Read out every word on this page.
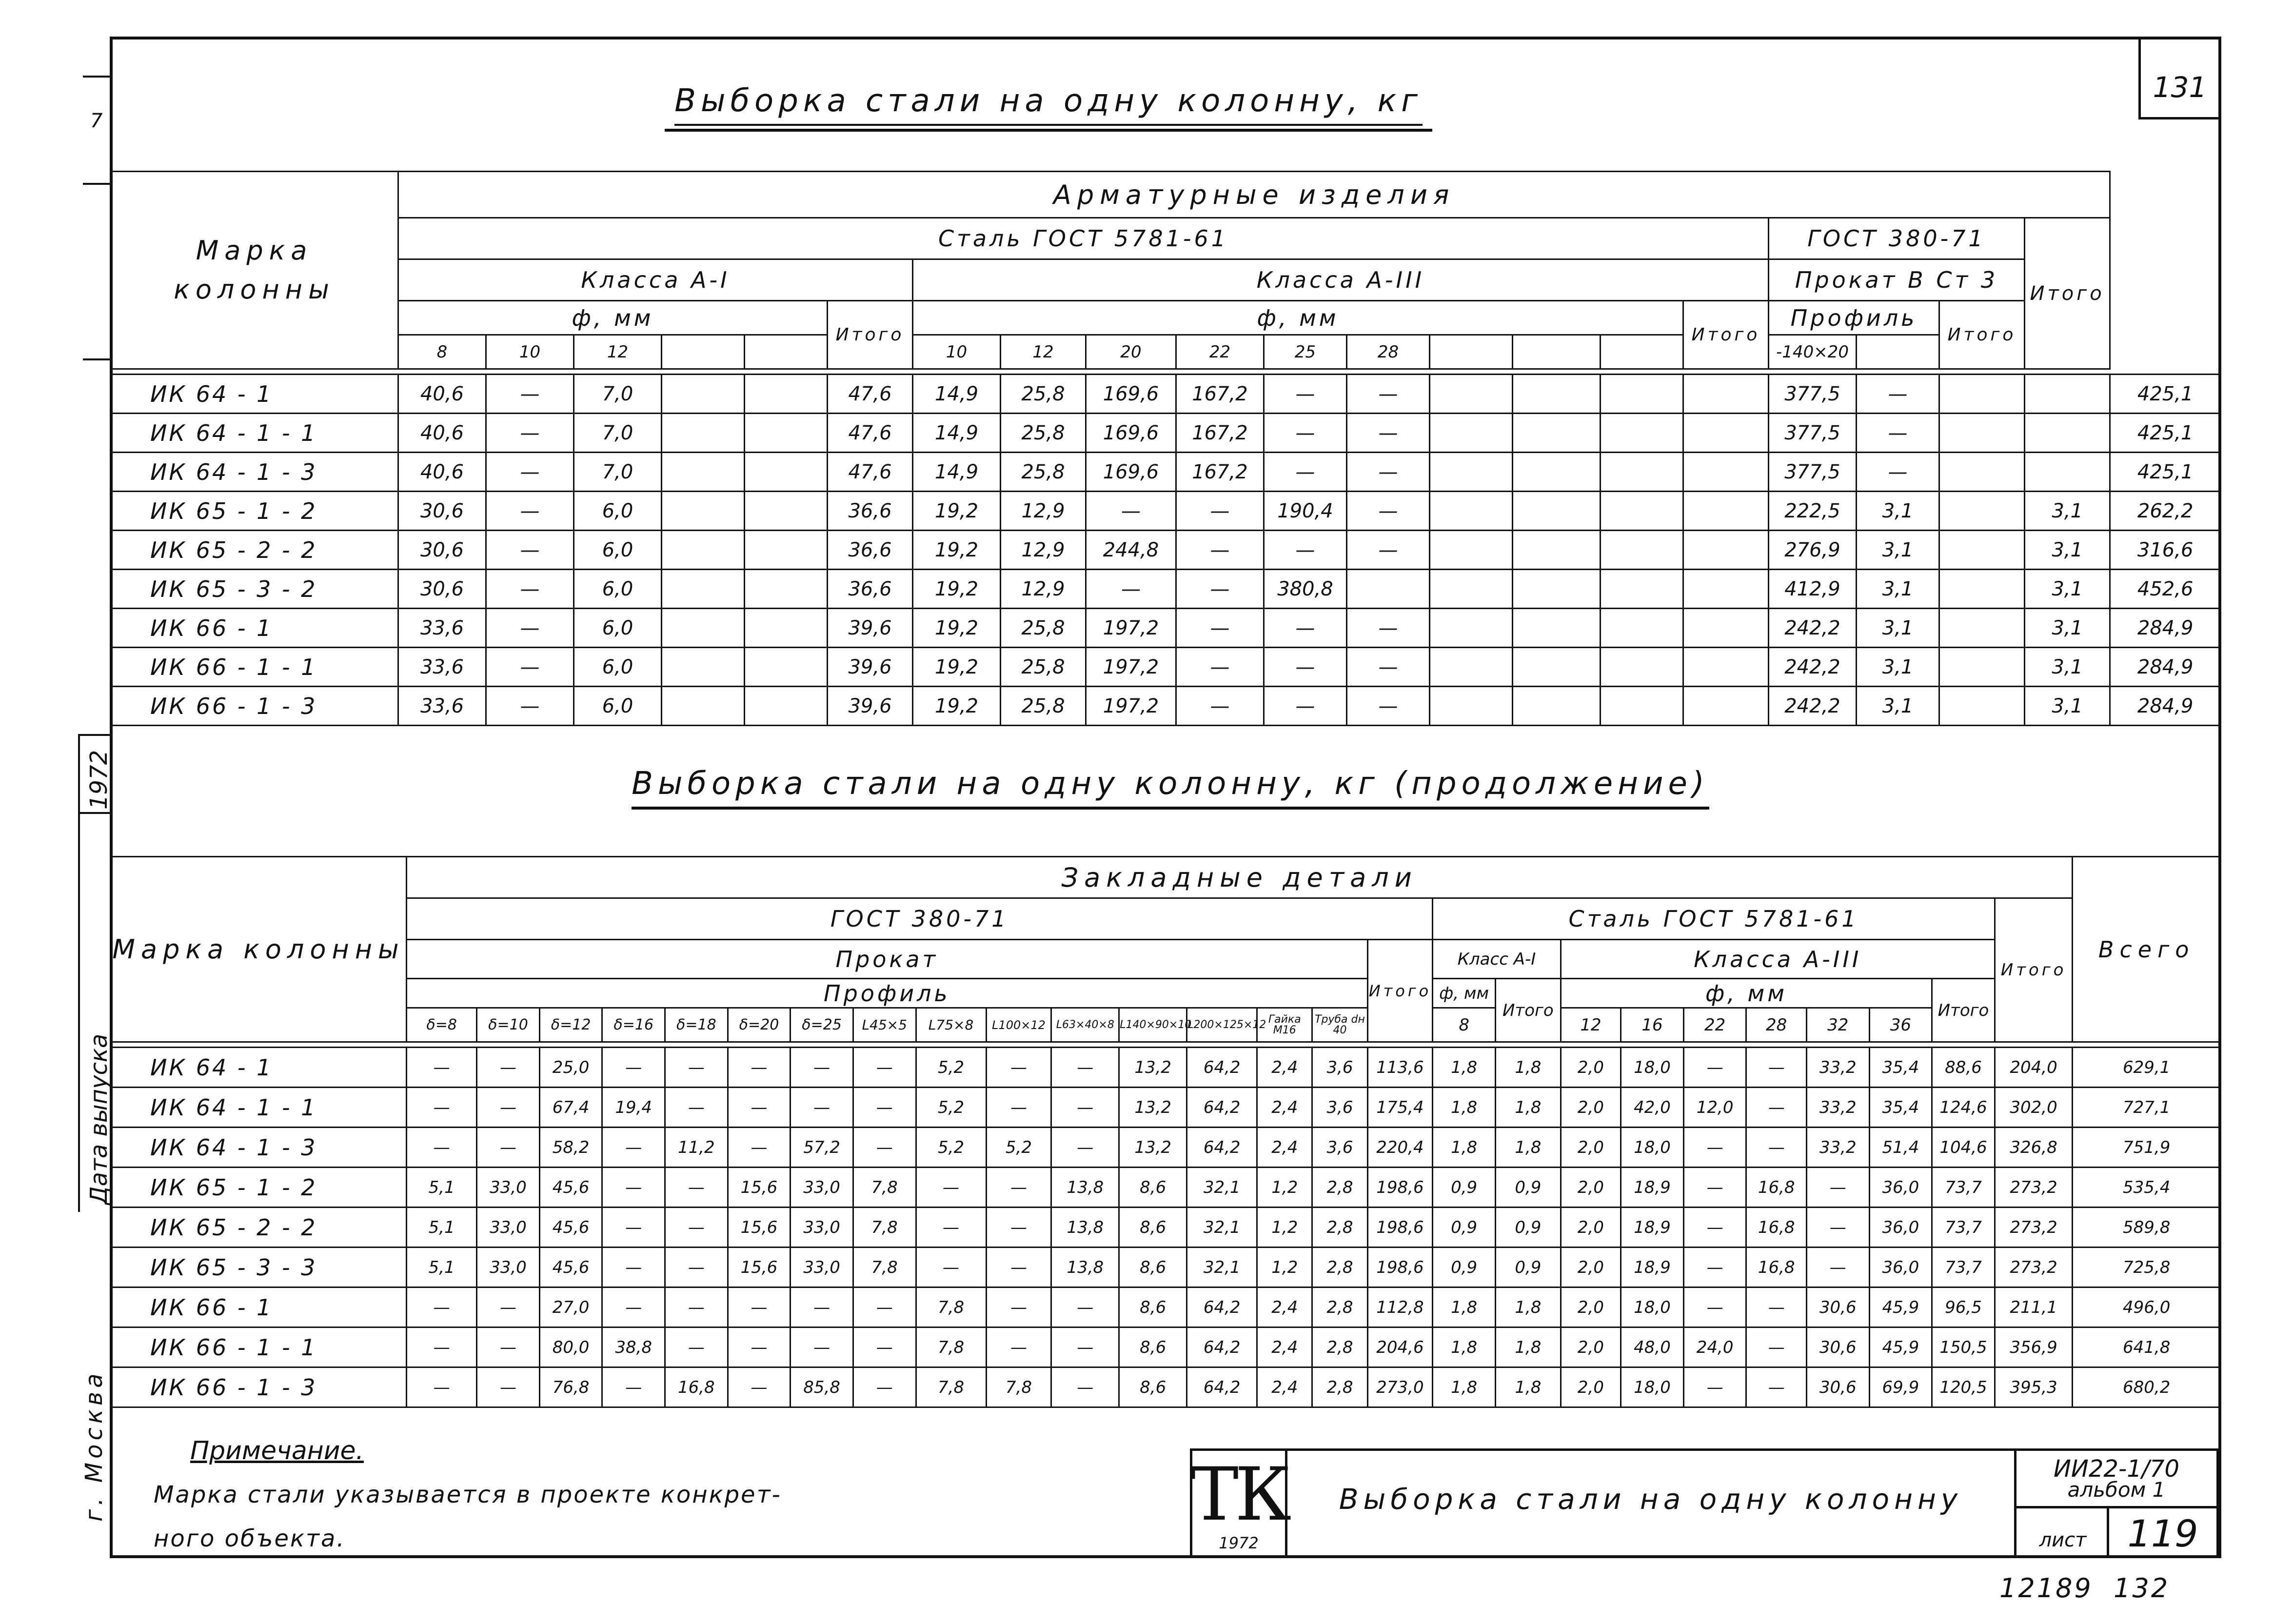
7
1972
Дата выпуска
г. Москва
131
Выборка стали на одну колонну, кг
Марка колонны	Арматурные изделия																				
	Сталь ГОСТ 5781-61																ГОСТ 380-71			Итого	
	Класса А-I						Класса А-III										Прокат В Ст 3				
	ф, мм					Итого	ф, мм									Итого	Профиль		Итого		
	8	10	12				10	12	20	22	25	28					-140×20				

ИК 64 - 1	40,6	—	7,0			47,6	14,9	25,8	169,6	167,2	—	—					377,5	—			425,1
ИК 64 - 1 - 1	40,6	—	7,0			47,6	14,9	25,8	169,6	167,2	—	—					377,5	—			425,1
ИК 64 - 1 - 3	40,6	—	7,0			47,6	14,9	25,8	169,6	167,2	—	—					377,5	—			425,1
ИК 65 - 1 - 2	30,6	—	6,0			36,6	19,2	12,9	—	—	190,4	—					222,5	3,1		3,1	262,2
ИК 65 - 2 - 2	30,6	—	6,0			36,6	19,2	12,9	244,8	—	—	—					276,9	3,1		3,1	316,6
ИК 65 - 3 - 2	30,6	—	6,0			36,6	19,2	12,9	—	—	380,8						412,9	3,1		3,1	452,6
ИК 66 - 1	33,6	—	6,0			39,6	19,2	25,8	197,2	—	—	—					242,2	3,1		3,1	284,9
ИК 66 - 1 - 1	33,6	—	6,0			39,6	19,2	25,8	197,2	—	—	—					242,2	3,1		3,1	284,9
ИК 66 - 1 - 3	33,6	—	6,0			39,6	19,2	25,8	197,2	—	—	—					242,2	3,1		3,1	284,9
Выборка стали на одну колонну, кг (продолжение)
Марка колонны	Закладные детали																										Всего
	ГОСТ 380-71																Сталь ГОСТ 5781-61									Итого	
	Прокат															Итого	Класс А-I		Класса А-III								
	Профиль																ф, мм	Итого	ф, мм						Итого		
	δ=8	δ=10	δ=12	δ=16	δ=18	δ=20	δ=25	L45×5	L75×8	L100×12	L63×40×8	L140×90×10	L200×125×12	Гайка М16	Труба dн 40		8		12	16	22	28	32	36			

ИК 64 - 1	—	—	25,0	—	—	—	—	—	5,2	—	—	13,2	64,2	2,4	3,6	113,6	1,8	1,8	2,0	18,0	—	—	33,2	35,4	88,6	204,0	629,1
ИК 64 - 1 - 1	—	—	67,4	19,4	—	—	—	—	5,2	—	—	13,2	64,2	2,4	3,6	175,4	1,8	1,8	2,0	42,0	12,0	—	33,2	35,4	124,6	302,0	727,1
ИК 64 - 1 - 3	—	—	58,2	—	11,2	—	57,2	—	5,2	5,2	—	13,2	64,2	2,4	3,6	220,4	1,8	1,8	2,0	18,0	—	—	33,2	51,4	104,6	326,8	751,9
ИК 65 - 1 - 2	5,1	33,0	45,6	—	—	15,6	33,0	7,8	—	—	13,8	8,6	32,1	1,2	2,8	198,6	0,9	0,9	2,0	18,9	—	16,8	—	36,0	73,7	273,2	535,4
ИК 65 - 2 - 2	5,1	33,0	45,6	—	—	15,6	33,0	7,8	—	—	13,8	8,6	32,1	1,2	2,8	198,6	0,9	0,9	2,0	18,9	—	16,8	—	36,0	73,7	273,2	589,8
ИК 65 - 3 - 3	5,1	33,0	45,6	—	—	15,6	33,0	7,8	—	—	13,8	8,6	32,1	1,2	2,8	198,6	0,9	0,9	2,0	18,9	—	16,8	—	36,0	73,7	273,2	725,8
ИК 66 - 1	—	—	27,0	—	—	—	—	—	7,8	—	—	8,6	64,2	2,4	2,8	112,8	1,8	1,8	2,0	18,0	—	—	30,6	45,9	96,5	211,1	496,0
ИК 66 - 1 - 1	—	—	80,0	38,8	—	—	—	—	7,8	—	—	8,6	64,2	2,4	2,8	204,6	1,8	1,8	2,0	48,0	24,0	—	30,6	45,9	150,5	356,9	641,8
ИК 66 - 1 - 3	—	—	76,8	—	16,8	—	85,8	—	7,8	7,8	—	8,6	64,2	2,4	2,8	273,0	1,8	1,8	2,0	18,0	—	—	30,6	69,9	120,5	395,3	680,2
Примечание.
Марка стали указывается в проекте конкрет-
ного объекта.
ТК
1972
Выборка стали на одну колонну
ИИ22-1/70
альбом 1
лист	119
12189  132
